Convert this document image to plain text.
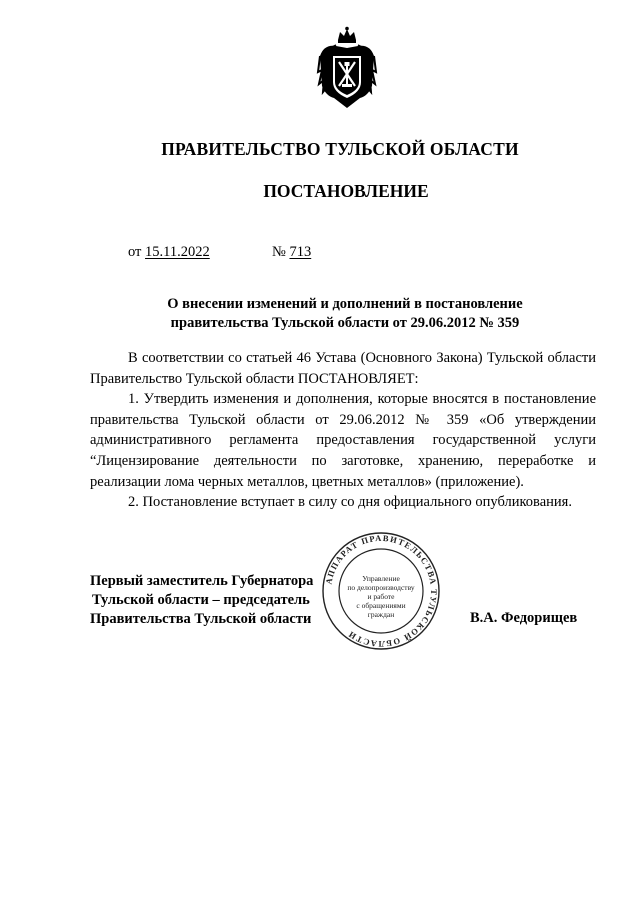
ПРАВИТЕЛЬСТВО ТУЛЬСКОЙ ОБЛАСТИ
ПОСТАНОВЛЕНИЕ
от 15.11.2022	№ 713
О внесении изменений и дополнений в постановление
правительства Тульской области от 29.06.2012 № 359

В соответствии со статьей 46 Устава (Основного Закона) Тульской области Правительство Тульской области ПОСТАНОВЛЯЕТ:

1. Утвердить изменения и дополнения, которые вносятся в постановление правительства Тульской области от 29.06.2012 № 359 «Об утверждении административного регламента предоставления государственной услуги “Лицензирование деятельности по заготовке, хранению, переработке и реализации лома черных металлов, цветных металлов» (приложение).

2. Постановление вступает в силу со дня официального опубликования.

АППАРАТ ПРАВИТЕЛЬСТВА ТУЛЬСКОЙ ОБЛАСТИ
Управление
по делопроизводству
и работе
с обращениями
граждан
Первый заместитель Губернатора
Тульской области – председатель
Правительства Тульской области	В.А. Федорищев
